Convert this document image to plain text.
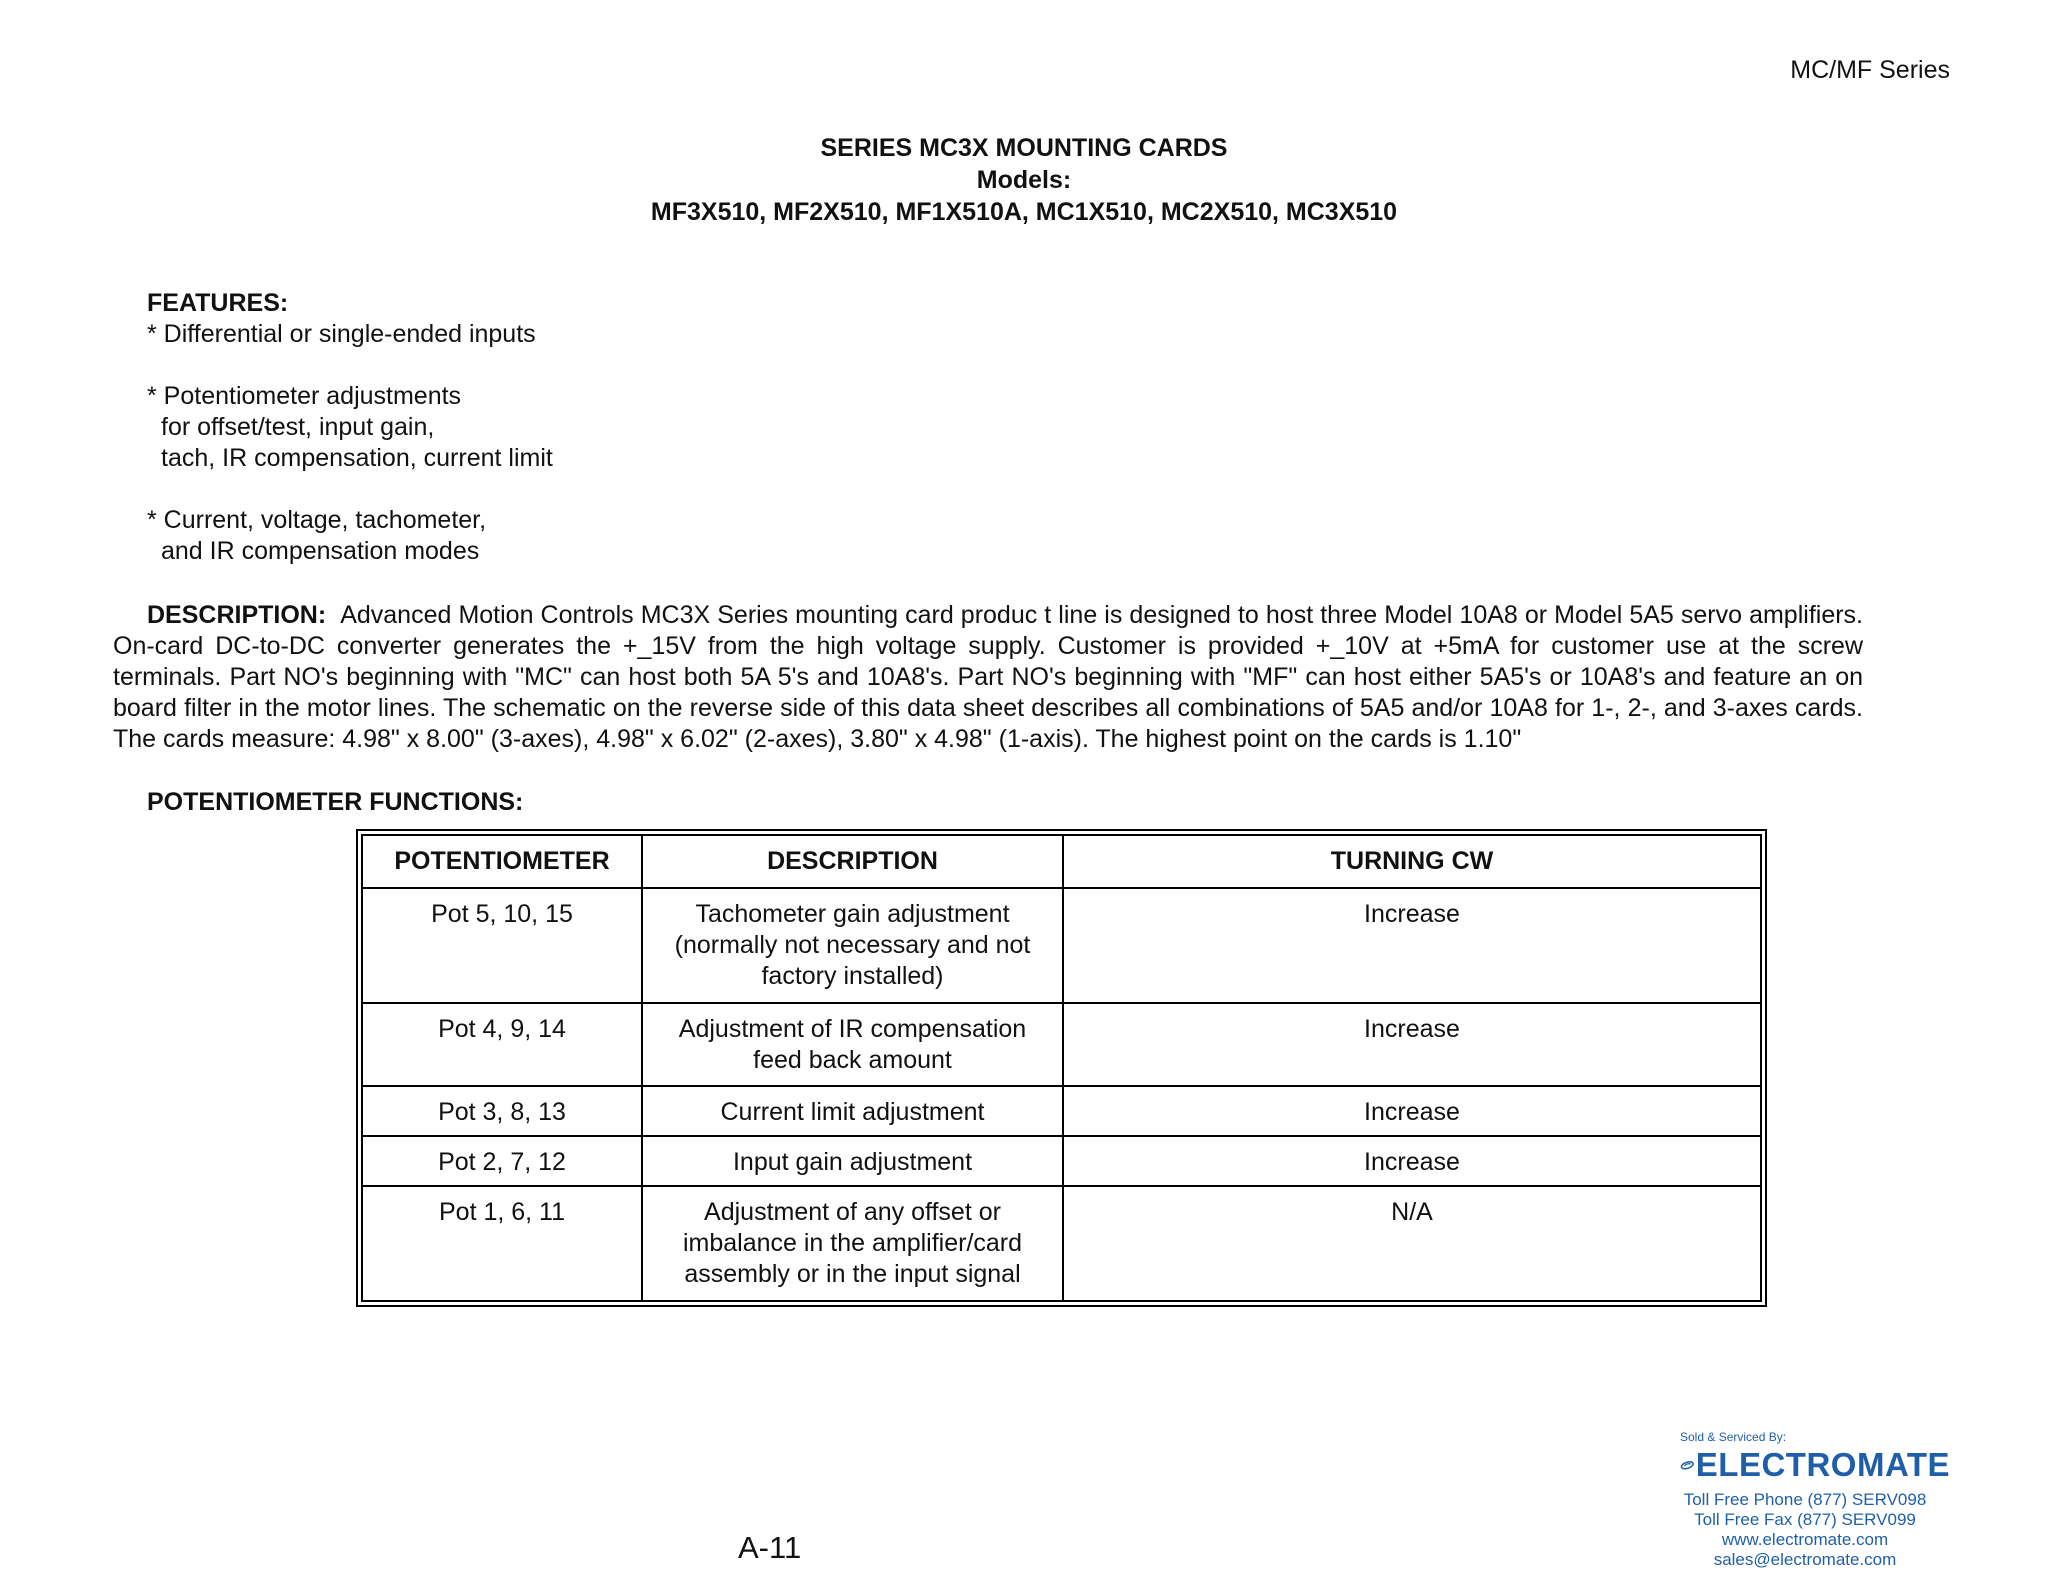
MC/MF Series
SERIES MC3X MOUNTING CARDS
Models:
MF3X510, MF2X510, MF1X510A, MC1X510, MC2X510, MC3X510
FEATURES:
* Differential or single-ended inputs
* Potentiometer adjustments
for offset/test, input gain,
tach, IR compensation, current limit
* Current, voltage, tachometer,
and IR compensation modes
DESCRIPTION: Advanced Motion Controls MC3X Series mounting card produc t line is designed to host three Model 10A8 or Model 5A5 servo amplifiers. On-card DC-to-DC converter generates the +_15V from the high voltage supply. Customer is provided +_10V at +5mA for customer use at the screw terminals. Part NO's beginning with "MC" can host both 5A 5's and 10A8's. Part NO's beginning with "MF" can host either 5A5's or 10A8's and feature an on board filter in the motor lines. The schematic on the reverse side of this data sheet describes all combinations of 5A5 and/or 10A8 for 1-, 2-, and 3-axes cards. The cards measure: 4.98" x 8.00" (3-axes), 4.98" x 6.02" (2-axes), 3.80" x 4.98" (1-axis). The highest point on the cards is 1.10"
POTENTIOMETER FUNCTIONS:
POTENTIOMETER	DESCRIPTION	TURNING CW
Pot 5, 10, 15	Tachometer gain adjustment
(normally not necessary and not
factory installed)	Increase
Pot 4, 9, 14	Adjustment of IR compensation
feed back amount	Increase
Pot 3, 8, 13	Current limit adjustment	Increase
Pot 2, 7, 12	Input gain adjustment	Increase
Pot 1, 6, 11	Adjustment of any offset or
imbalance in the amplifier/card
assembly or in the input signal	N/A
A-11
Sold & Serviced By:
ELECTROMATE
Toll Free Phone (877) SERV098
Toll Free Fax (877) SERV099
www.electromate.com
sales@electromate.com
